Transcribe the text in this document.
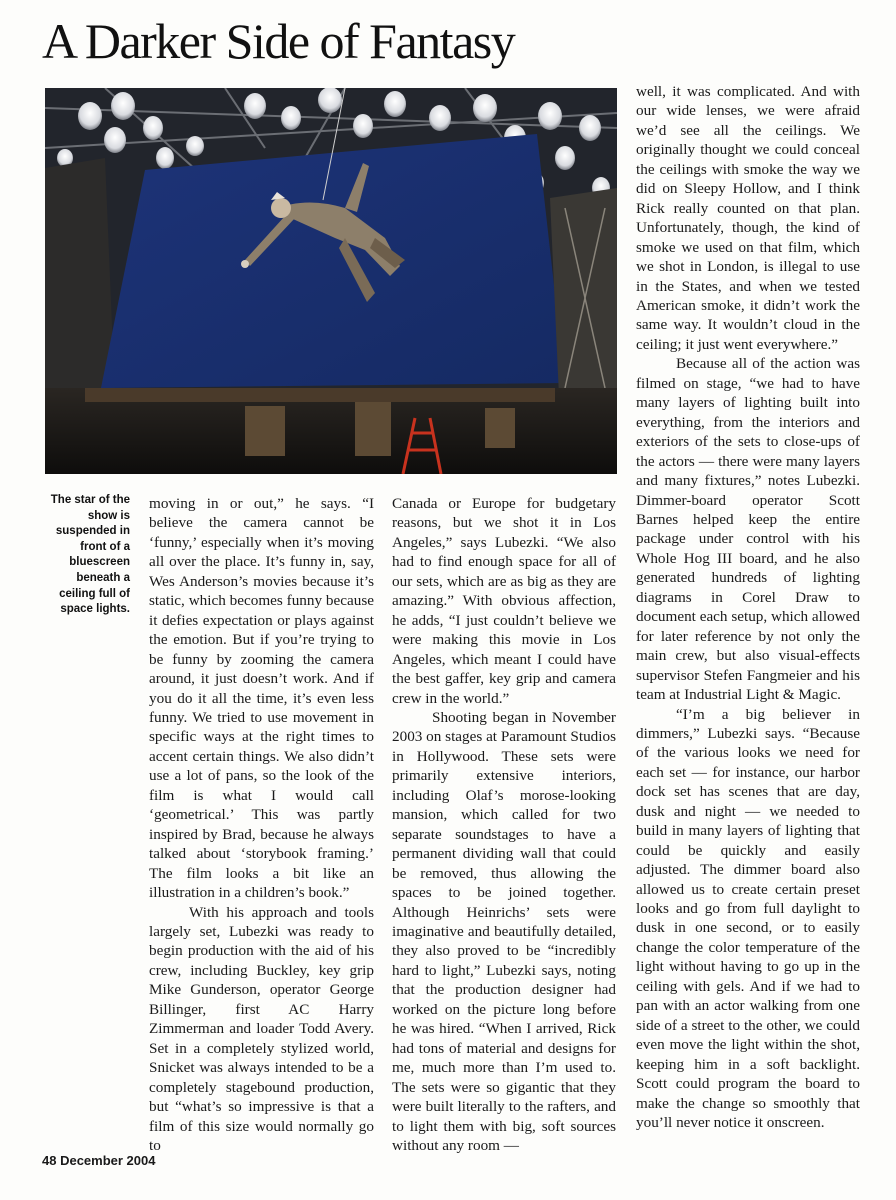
A Darker Side of Fantasy
The star of the show is suspended in front of a bluescreen beneath a ceiling full of space lights.

moving in or out,” he says. “I believe the camera cannot be ‘funny,’ especially when it’s moving all over the place. It’s funny in, say, Wes Anderson’s movies because it’s static, which becomes funny because it defies expectation or plays against the emotion. But if you’re trying to be funny by zooming the camera around, it just doesn’t work. And if you do it all the time, it’s even less funny. We tried to use movement in specific ways at the right times to accent certain things. We also didn’t use a lot of pans, so the look of the film is what I would call ‘geometrical.’ This was partly inspired by Brad, because he always talked about ‘storybook framing.’ The film looks a bit like an illustration in a children’s book.”

With his approach and tools largely set, Lubezki was ready to begin production with the aid of his crew, including Buckley, key grip Mike Gunderson, operator George Billinger, first AC Harry Zimmerman and loader Todd Avery. Set in a completely stylized world, Snicket was always intended to be a completely stagebound production, but “what’s so impressive is that a film of this size would normally go to

Canada or Europe for budgetary reasons, but we shot it in Los Angeles,” says Lubezki. “We also had to find enough space for all of our sets, which are as big as they are amazing.” With obvious affection, he adds, “I just couldn’t believe we were making this movie in Los Angeles, which meant I could have the best gaffer, key grip and camera crew in the world.”

Shooting began in November 2003 on stages at Paramount Studios in Hollywood. These sets were primarily extensive interiors, including Olaf’s morose-looking mansion, which called for two separate soundstages to have a permanent dividing wall that could be removed, thus allowing the spaces to be joined together. Although Heinrichs’ sets were imaginative and beautifully detailed, they also proved to be “incredibly hard to light,” Lubezki says, noting that the production designer had worked on the picture long before he was hired. “When I arrived, Rick had tons of material and designs for me, much more than I’m used to. The sets were so gigantic that they were built literally to the rafters, and to light them with big, soft sources without any room —

well, it was complicated. And with our wide lenses, we were afraid we’d see all the ceilings. We originally thought we could conceal the ceilings with smoke the way we did on Sleepy Hollow, and I think Rick really counted on that plan. Unfortunately, though, the kind of smoke we used on that film, which we shot in London, is illegal to use in the States, and when we tested American smoke, it didn’t work the same way. It wouldn’t cloud in the ceiling; it just went everywhere.”

Because all of the action was filmed on stage, “we had to have many layers of lighting built into everything, from the interiors and exteriors of the sets to close-ups of the actors — there were many layers and many fixtures,” notes Lubezki. Dimmer-board operator Scott Barnes helped keep the entire package under control with his Whole Hog III board, and he also generated hundreds of lighting diagrams in Corel Draw to document each setup, which allowed for later reference by not only the main crew, but also visual-effects supervisor Stefen Fangmeier and his team at Industrial Light & Magic.

“I’m a big believer in dimmers,” Lubezki says. “Because of the various looks we need for each set — for instance, our harbor dock set has scenes that are day, dusk and night — we needed to build in many layers of lighting that could be quickly and easily adjusted. The dimmer board also allowed us to create certain preset looks and go from full daylight to dusk in one second, or to easily change the color temperature of the light without having to go up in the ceiling with gels. And if we had to pan with an actor walking from one side of a street to the other, we could even move the light within the shot, keeping him in a soft backlight. Scott could program the board to make the change so smoothly that you’ll never notice it onscreen.

48 December 2004
